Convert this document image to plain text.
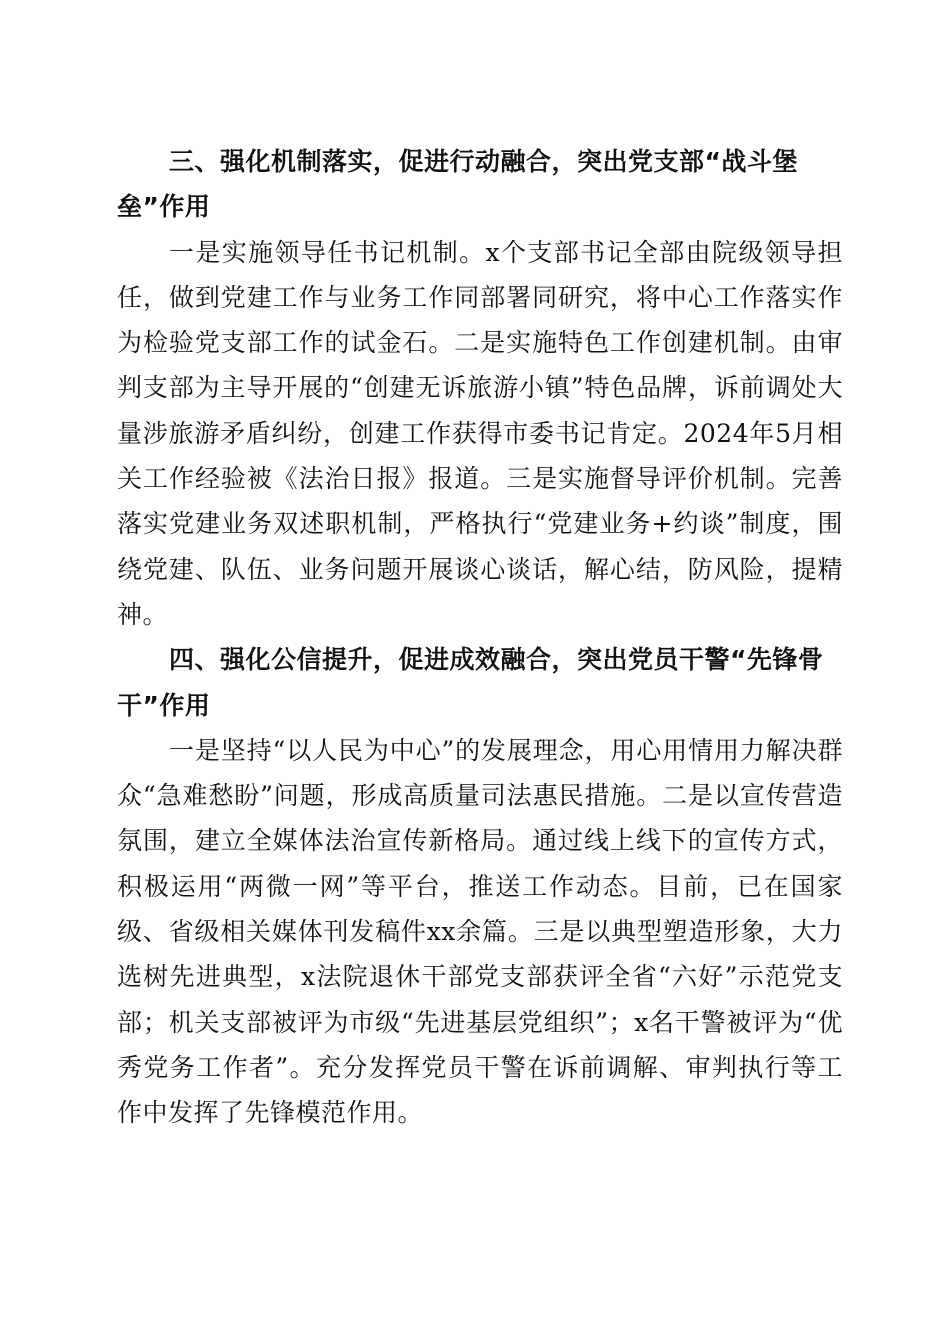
三、强化机制落实，促进行动融合，突出党支部“战斗堡垒”作用

一是实施领导任书记机制。x个支部书记全部由院级领导担任，做到党建工作与业务工作同部署同研究，将中心工作落实作为检验党支部工作的试金石。二是实施特色工作创建机制。由审判支部为主导开展的“创建无诉旅游小镇”特色品牌，诉前调处大量涉旅游矛盾纠纷，创建工作获得市委书记肯定。2024年5月相关工作经验被《法治日报》报道。三是实施督导评价机制。完善落实党建业务双述职机制，严格执行“党建业务+约谈”制度，围绕党建、队伍、业务问题开展谈心谈话，解心结，防风险，提精神。

四、强化公信提升，促进成效融合，突出党员干警“先锋骨干”作用

一是坚持“以人民为中心”的发展理念，用心用情用力解决群众“急难愁盼”问题，形成高质量司法惠民措施。二是以宣传营造氛围，建立全媒体法治宣传新格局。通过线上线下的宣传方式，积极运用“两微一网”等平台，推送工作动态。目前，已在国家级、省级相关媒体刊发稿件xx余篇。三是以典型塑造形象，大力选树先进典型，x法院退休干部党支部获评全省“六好”示范党支部；机关支部被评为市级“先进基层党组织”；x名干警被评为“优秀党务工作者”。充分发挥党员干警在诉前调解、审判执行等工作中发挥了先锋模范作用。
